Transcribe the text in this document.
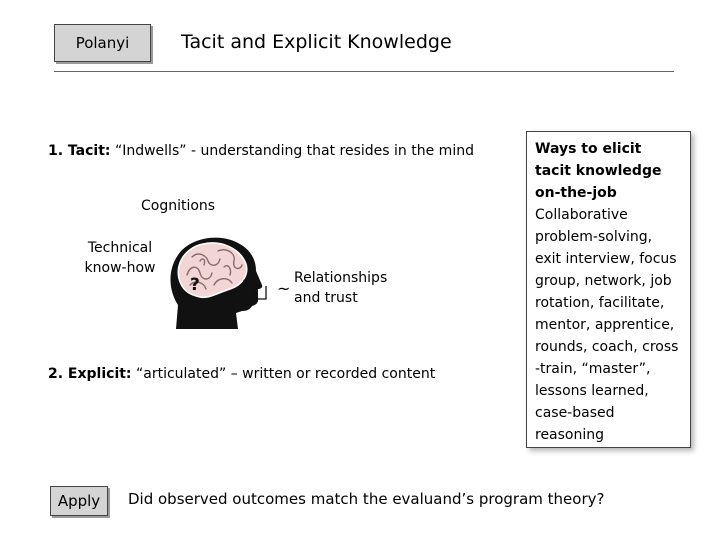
Polanyi	Tacit and Explicit Knowledge
1. Tacit: “Indwells” - understanding that resides in the mind
Cognitions
Technical know-how
?	~
Relationships
and trust
2. Explicit: “articulated” – written or recorded content
Ways to elicit tacit knowledge on-the-job
Collaborative problem-solving, exit interview, focus group, network, job rotation, facilitate, mentor, apprentice, rounds, coach, cross -train, “master”, lessons learned, case-based reasoning
Apply Did observed outcomes match the evaluand’s program theory?
